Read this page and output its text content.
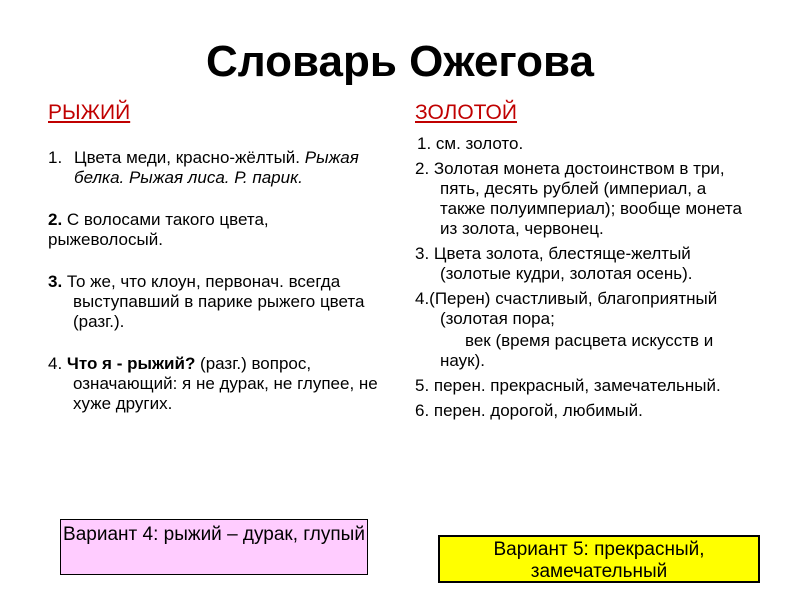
Словарь Ожегова
РЫЖИЙ
1. Цвета меди, красно-жёлтый. Рыжая белка. Рыжая лиса. Р. парик.
2. С волосами такого цвета, рыжеволосый.
3. То же, что клоун, первонач. всегда выступавший в парике рыжего цвета (разг.).
4. Что я - рыжий? (разг.) вопрос, означающий: я не дурак, не глупее, не хуже других.
ЗОЛОТОЙ
1. см. золото.
2. Золотая монета достоинством в три, пять, десять рублей (империал, а также полуимпериал); вообще монета из золота, червонец.
3. Цвета золота, блестяще-желтый (золотые кудри, золотая осень).
4.(Перен) счастливый, благоприятный (золотая пора;
век (время расцвета искусств и наук).
5. перен. прекрасный, замечательный.
6. перен. дорогой, любимый.
Вариант 4: рыжий – дурак, глупый
Вариант 5: прекрасный, замечательный
